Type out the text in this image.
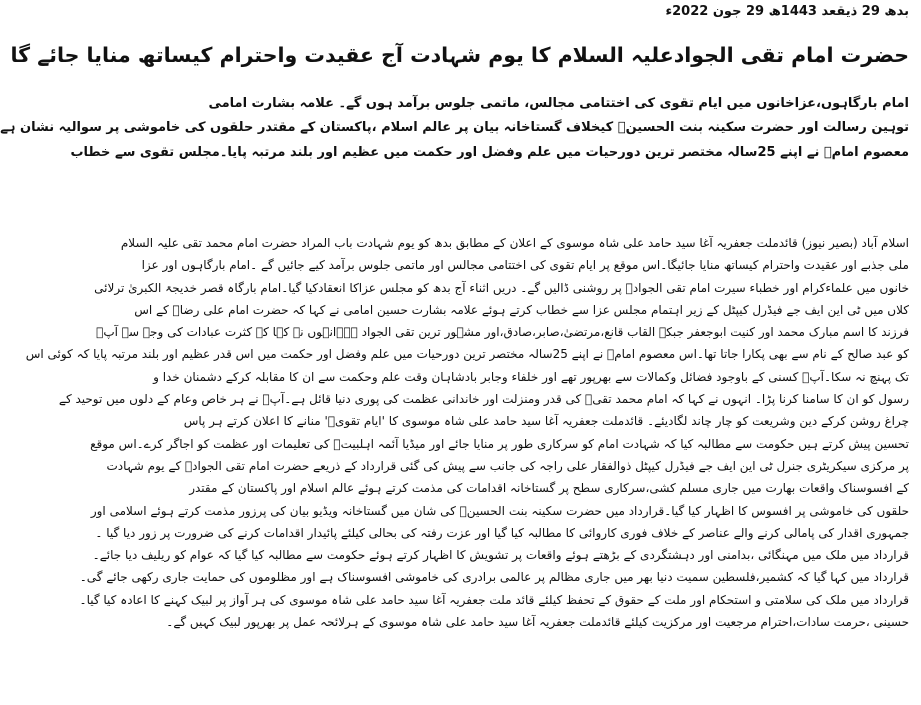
بدھ 29 ذیقعد 1443ھ 29 جون 2022ء
حضرت امام تقی الجوادعلیہ السلام کا یوم شہادت آج عقیدت واحترام کیساتھ منایا جائے گا
امام بارگاہوں،عزاخانوں میں ایام تقوی کی اختتامی مجالس، ماتمی جلوس برآمد ہوں گے۔ علامہ بشارت امامی
توہین رسالت اور حضرت سکینہ بنت الحسینؑ کیخلاف گستاخانہ بیان پر عالم اسلام ،پاکستان کے مقتدر حلقوں کی خاموشی پر سوالیہ نشان ہے
معصوم امامؑ نے اپنے 25سالہ مختصر ترین دورحیات میں علم وفضل اور حکمت میں عظیم اور بلند مرتبہ پایا۔مجلس تقوی سے خطاب
اسلام آباد (بصیر نیوز) قائدملت جعفریہ آغا سید حامد علی شاہ موسوی کے اعلان کے مطابق بدھ کو یوم شہادت باب المراد حضرت امام محمد تقی علیہ السلام
ملی جذبے اور عقیدت واحترام کیساتھ منایا جائیگا۔اس موقع پر ایام تقوی کی اختتامی مجالس اور ماتمی جلوس برآمد کیے جائیں گے ۔امام بارگاہوں اور عزا
خانوں میں علماءکرام اور خطباء سیرت امام تقی الجوادؑ پر روشنی ڈالیں گے۔ دریں اثناء آج بدھ کو مجلس عزاکا انعقادکیا گیا۔امام بارگاہ قصر خدیجۃ الکبریٰ ترلائی
کلاں میں ٹی این ایف جے فیڈرل کیپٹل کے زیر اہتمام مجلس عزا سے خطاب کرتے ہوئے علامہ بشارت حسین امامی نے کہا کہ حضرت امام علی رضاؑ کے اس
فرزند کا اسم مبارک محمد اور کنیت ابوجعفر جبکہ القاب قانع،مرتضیٰ،صابر،صادق،اور مشہور ترین تقی الجواد ہے۔انہوں نے کہا کہ کثرت عبادات کی وجہ سے آپؑ
کو عبد صالح کے نام سے بھی پکارا جاتا تھا۔اس معصوم امامؑ نے اپنے 25سالہ مختصر ترین دورحیات میں علم وفضل اور حکمت میں اس قدر عظیم اور بلند مرتبہ پایا کہ کوئی اس
تک پہنچ نہ سکا۔آپؑ کسنی کے باوجود فضائل وکمالات سے بھرپور تھے اور خلفاء وجابر بادشاہان وقت علم وحکمت سے ان کا مقابلہ کرکے دشمنان خدا و
رسول کو ان کا سامنا کرنا پڑا۔ انہوں نے کہا کہ امام محمد تقیؑ کی قدر ومنزلت اور خاندانی عظمت کی پوری دنیا قائل ہے۔آپؑ نے ہر خاص وعام کے دلوں میں توحید کے
چراغ روشن کرکے دین وشریعت کو چار چاند لگادیئے۔ قائدملت جعفریہ آغا سید حامد علی شاہ موسوی کا 'ایام تقویؑ' منانے کا اعلان کرتے ہر پاس
تحسین پیش کرتے ہیں حکومت سے مطالبہ کیا کہ شہادت امام کو سرکاری طور پر منایا جائے اور میڈیا آئمہ اہلبیتؑ کی تعلیمات اور عظمت کو اجاگر کرے۔اس موقع
پر مرکزی سیکریٹری جنرل ٹی این ایف جے فیڈرل کیپٹل ذوالفقار علی راجہ کی جانب سے پیش کی گئی قرارداد کے ذریعے حضرت امام تقی الجوادؑ کے یوم شہادت
کے افسوسناک واقعات بھارت میں جاری مسلم کشی،سرکاری سطح پر گستاخانہ اقدامات کی مذمت کرتے ہوئے عالم اسلام اور پاکستان کے مقتدر
حلقوں کی خاموشی پر افسوس کا اظہار کیا گیا۔قرارداد میں حضرت سکینہ بنت الحسینؑ کی شان میں گستاخانہ ویڈیو بیان کی پرزور مذمت کرتے ہوئے اسلامی اور
جمہوری اقدار کی پامالی کرنے والے عناصر کے خلاف فوری کاروائی کا مطالبہ کیا گیا اور عزت رفتہ کی بحالی کیلئے پائیدار اقدامات کرنے کی ضرورت پر زور دیا گیا ۔
قرارداد میں ملک میں مہنگائی ،بدامنی اور دہشتگردی کے بڑھتے ہوئے واقعات پر تشویش کا اظہار کرتے ہوئے حکومت سے مطالبہ کیا گیا کہ عوام کو ریلیف دیا جائے۔
قرارداد میں کہا گیا کہ کشمیر،فلسطین سمیت دنیا بھر میں جاری مظالم پر عالمی برادری کی خاموشی افسوسناک ہے اور مظلوموں کی حمایت جاری رکھی جائے گی۔
قرارداد میں ملک کی سلامتی و استحکام اور ملت کے حقوق کے تحفظ کیلئے قائد ملت جعفریہ آغا سید حامد علی شاہ موسوی کی ہر آواز پر لبیک کہنے کا اعادہ کیا گیا۔
حسینی ،حرمت سادات،احترام مرجعیت اور مرکزیت کیلئے قائدملت جعفریہ آغا سید حامد علی شاہ موسوی کے ہرلائحہ عمل پر بھرپور لبیک کہیں گے۔
